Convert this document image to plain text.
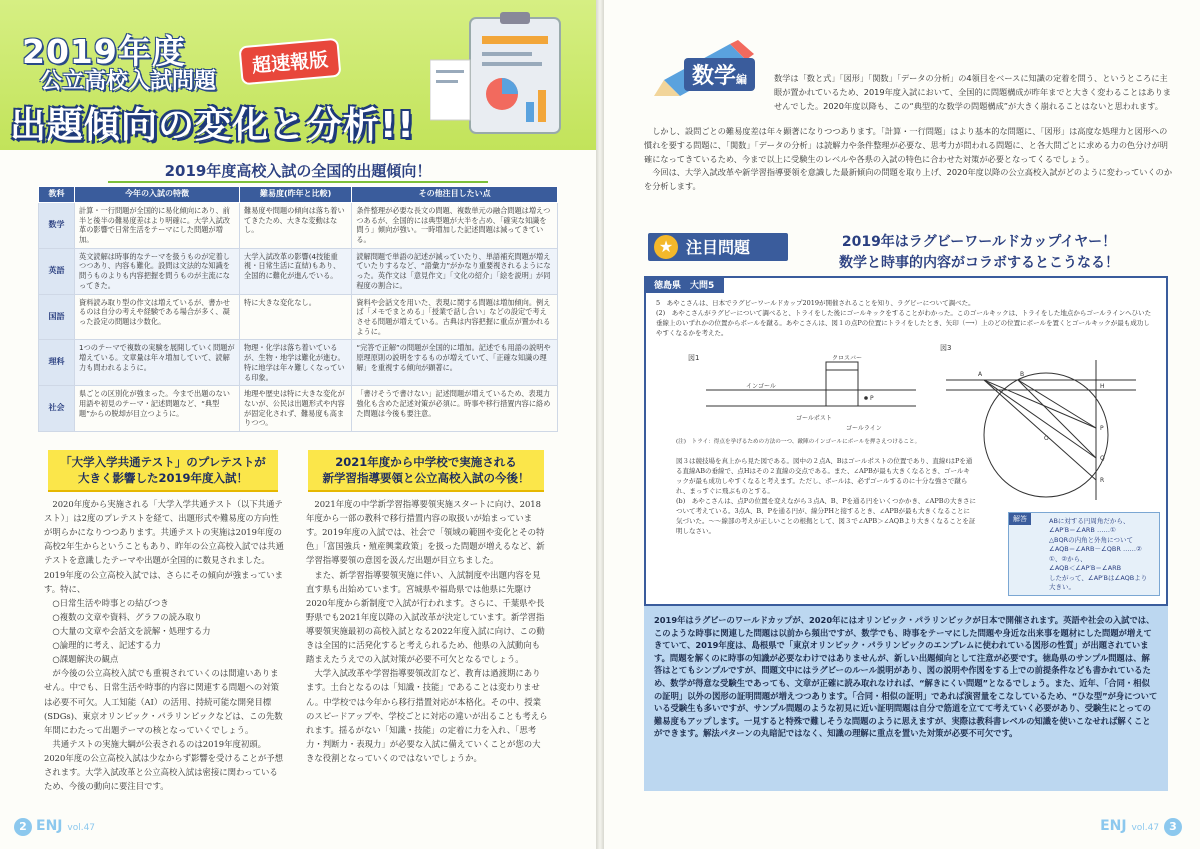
2019年度
公立高校入試問題
超速報版
出題傾向の変化と分析!!
2019年度高校入試の全国的出題傾向！
教科	今年の入試の特徴	難易度(昨年と比較)	その他注目したい点
数学	計算・一行問題が全国的に易化傾向にあり、前半と後半の難易度差はより明確に。大学入試改革の影響で日常生活をテーマにした問題が増加。	難易度や問題の傾向は落ち着いてきたため、大きな変動はなし。	条件整理が必要な長文の問題、複数単元の融合問題は増えつつあるが、全国的には典型題が大半を占め、「確実な知識を問う」傾向が強い。一時増加した記述問題は減ってきている。
英語	英文読解は時事的なテーマを扱うものが定着しつつあり、内容も難化。設問は文法的な知識を問うものよりも内容把握を問うものが主流になってきた。	大学入試改革の影響(4技能重視・日常生活に直結)もあり、全国的に難化が進んでいる。	読解問題で単語の記述が減っていたり、単語補充問題が増えていたりするなど、“語彙力”がかなり重要視されるようになった。英作文は「意見作文」「文化の紹介」「絵を説明」が同程度の割合に。
国語	資料読み取り型の作文は増えているが、書かせるのは自分の考えや経験である場合が多く、凝った設定の問題は少数化。	特に大きな変化なし。	資料や会話文を用いた、表現に関する問題は増加傾向。例えば「メモでまとめる」「授業で話し合い」などの設定で考えさせる問題が増えている。古典は内容把握に重点が置かれるように。
理科	1つのテーマで複数の実験を展開していく問題が増えている。文章量は年々増加していて、読解力も問われるように。	物理・化学は落ち着いているが、生物・地学は難化が進む。特に地学は年々難しくなっている印象。	“完答で正解”の問題が全国的に増加。記述でも用語の説明や原理原則の説明をするものが増えていて、「正確な知識の理解」を重視する傾向が顕著に。
社会	県ごとの区別化が強まった。今まで出題のない用語や初見のテーマ・記述問題など、“典型題”からの脱却が目立つように。	地理や歴史は特に大きな変化がないが、公民は出題形式や内容が固定化されず、難易度も高まりつつ。	「書けそうで書けない」記述問題が増えているため、表現力強化も含めた記述対策が必須に。時事や移行措置内容に絡めた問題は今後も要注意。
「大学入学共通テスト」のプレテストが
大きく影響した2019年度入試！

2020年度から実施される「大学入学共通テスト（以下共通テスト）」は2度のプレテストを経て、出題形式や難易度の方向性が明らかになりつつあります。共通テストの実施は2019年度の高校2年生からということもあり、昨年の公立高校入試では共通テストを意識したテーマや出題が全国的に数見されました。2019年度の公立高校入試では、さらにその傾向が強まっています。特に、

○日常生活や時事との結びつき
○複数の文章や資料、グラフの読み取り
○大量の文章や会話文を読解・処理する力
○論理的に考え、記述する力
○課題解決の観点

が今後の公立高校入試でも重視されていくのは間違いありません。中でも、日常生活や時事的内容に関連する問題への対策は必要不可欠。人工知能（AI）の活用、持続可能な開発目標(SDGs)、東京オリンピック・パラリンピックなどは、この先数年間にわたって出題テーマの核となっていくでしょう。

共通テストの実施大綱が公表されるのは2019年度初頭。2020年度の公立高校入試は少なからず影響を受けることが予想されます。大学入試改革と公立高校入試は密接に関わっているため、今後の動向に要注目です。

2021年度から中学校で実施される
新学習指導要領と公立高校入試の今後！

2021年度の中学新学習指導要領実施スタートに向け、2018年度から一部の教科で移行措置内容の取扱いが始まっています。2019年度の入試では、社会で「領域の範囲や変化とその特色」「富国強兵・殖産興業政策」を扱った問題が増えるなど、新学習指導要領の意図を汲んだ出題が目立ちました。

また、新学習指導要領実施に伴い、入試制度や出題内容を見直す県も出始めています。宮城県や福島県では他県に先駆け2020年度から新制度で入試が行われます。さらに、千葉県や長野県でも2021年度以降の入試改革が決定しています。新学習指導要領実施最初の高校入試となる2022年度入試に向け、この動きは全国的に活発化すると考えられるため、他県の入試動向も踏まえたうえでの入試対策が必要不可欠となるでしょう。

大学入試改革や学習指導要領改訂など、教育は過渡期にあります。土台となるのは「知識・技能」であることは変わりません。中学校では今年から移行措置対応が本格化。その中、授業のスピードアップや、学校ごとに対応の違いが出ることも考えられます。揺るがない「知識・技能」の定着に力を入れ、「思考力・判断力・表現力」が必要な入試に備えていくことが您の大きな役割となっていくのではないでしょうか。

2 ENJ vol.47
数学編	数学は「数と式」「図形」「関数」「データの分析」の4領目をベースに知識の定着を問う、というところに主眼が置かれているため、2019年度入試において、全国的に問題構成が昨年までと大きく変わることはありませんでした。2020年度以降も、この“典型的な数学の問題構成”が大きく崩れることはないと思われます。

しかし、設問ごとの難易度差は年々顕著になりつつあります。「計算・一行問題」はより基本的な問題に、「図形」は高度な処理力と図形への慣れを要する問題に、「関数」「データの分析」は読解力や条件整理が必要な、思考力が問われる問題に、と各大問ごとに求める力の色分けが明確になってきているため、今まで以上に受験生のレベルや各県の入試の特色に合わせた対策が必要となってくるでしょう。

今回は、大学入試改革や新学習指導要領を意識した最新傾向の問題を取り上げ、2020年度以降の公立高校入試がどのように変わっていくのかを分析します。

★ 注目問題	2019年はラグビーワールドカップイヤー！
数学と時事的内容がコラボするとこうなる！
徳島県　大問5
5　あやこさんは、日本でラグビーワールドカップ2019が開催されることを知り、ラグビーについて調べた。
(2)　あやこさんがラグビーについて調べると、トライをした後にゴールキックをすることがわかった。このゴールキックは、トライをした地点からゴールラインへひいた垂線上のいずれかの位置からボールを蹴る。あやこさんは、図１の点Pの位置にトライをしたとき、矢印（⟶）上のどの位置にボールを置くとゴールキックが最も成功しやすくなるかを考えた。
図1
P
クロスバー
インゴール
ゴールポスト
ゴールライン
図3
A	B
P
Q
R
O
H
(注)　トライ：得点を挙げるための方法の一つ、敵陣のインゴールにボールを押さえつけること。
図３は競技場を真上から見た図である。図中の２点A、Bはゴールポストの位置であり、直線ℓはPを通る直線ABの垂線で、点Hはその２直線の交点である。また、∠APBが最も大きくなるとき、ゴールキックが最も成功しやすくなると考えます。ただし、ボールは、必ずゴールするのに十分な強さで蹴られ、まっすぐに飛ぶものとする。
(b)　あやこさんは、点Pの位置を変えながら３点A、B、Pを通る円をいくつかかき、∠APBの大きさについて考えている。3点A、B、Pを通る円が、線分PHと接するとき、∠APBが最も大きくなることに気づいた。〜〜線部の考えが正しいことの根拠として、図３で∠APB＞∠AQBより大きくなることを証明しなさい。
解答	ABに対する円周角だから、
∠AP′B＝∠ARB ……①
△BQRの内角と外角について
∠AQB＝∠ARB－∠QBR ……②
①、②から、
∠AQB＜∠AP′B＝∠ARB
したがって、∠AP′Bは∠AQBより大きい。
2019年はラグビーのワールドカップが、2020年にはオリンピック・パラリンピックが日本で開催されます。英語や社会の入試では、このような時事に関連した問題は以前から頻出ですが、数学でも、時事をテーマにした問題や身近な出来事を題材にした問題が増えてきていて、2019年度は、島根県で「東京オリンピック・パラリンピックのエンブレムに使われている図形の性質」が出題されています。問題を解くのに時事の知識が必要なわけではありませんが、新しい出題傾向として注意が必要です。徳島県のサンプル問題は、解答はとてもシンプルですが、問題文中にはラグビーのルール説明があり、図の説明や作図をする上での前提条件なども書かれているため、数学が得意な受験生であっても、文章が正確に読み取れなければ、“解きにくい問題”となるでしょう。また、近年、「合同・相似の証明」以外の図形の証明問題が増えつつあります。「合同・相似の証明」であれば演習量をこなしているため、“ひな型”が身についている受験生も多いですが、サンプル問題のような初見に近い証明問題は自分で筋道を立てて考えていく必要があり、受験生にとっての難易度もアップします。一見すると特殊で難しそうな問題のように思えますが、実際は教科書レベルの知識を使いこなせれば解くことができます。解法パターンの丸暗記ではなく、知識の理解に重点を置いた対策が必要不可欠です。
ENJ vol.47 3
